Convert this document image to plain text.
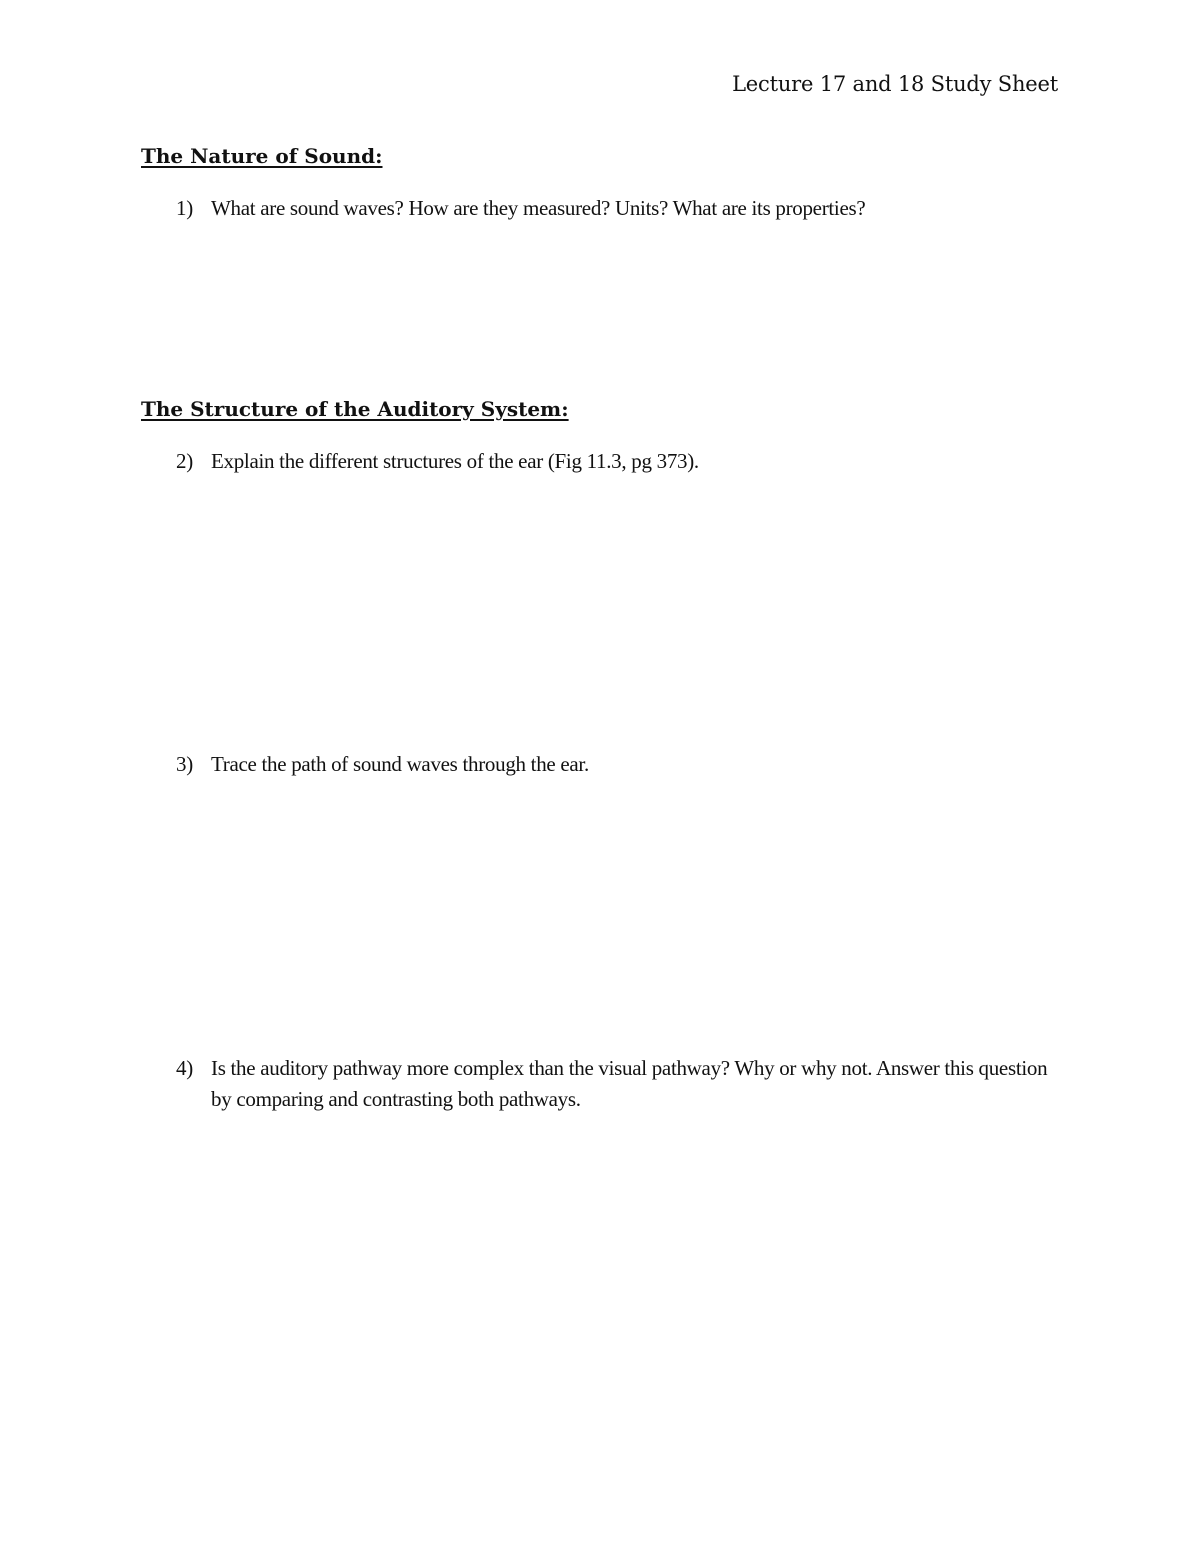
Lecture 17 and 18 Study Sheet
The Nature of Sound:
1) What are sound waves? How are they measured? Units? What are its properties?
The Structure of the Auditory System:
2) Explain the different structures of the ear (Fig 11.3, pg 373).
3) Trace the path of sound waves through the ear.
4) Is the auditory pathway more complex than the visual pathway? Why or why not. Answer this question by comparing and contrasting both pathways.
